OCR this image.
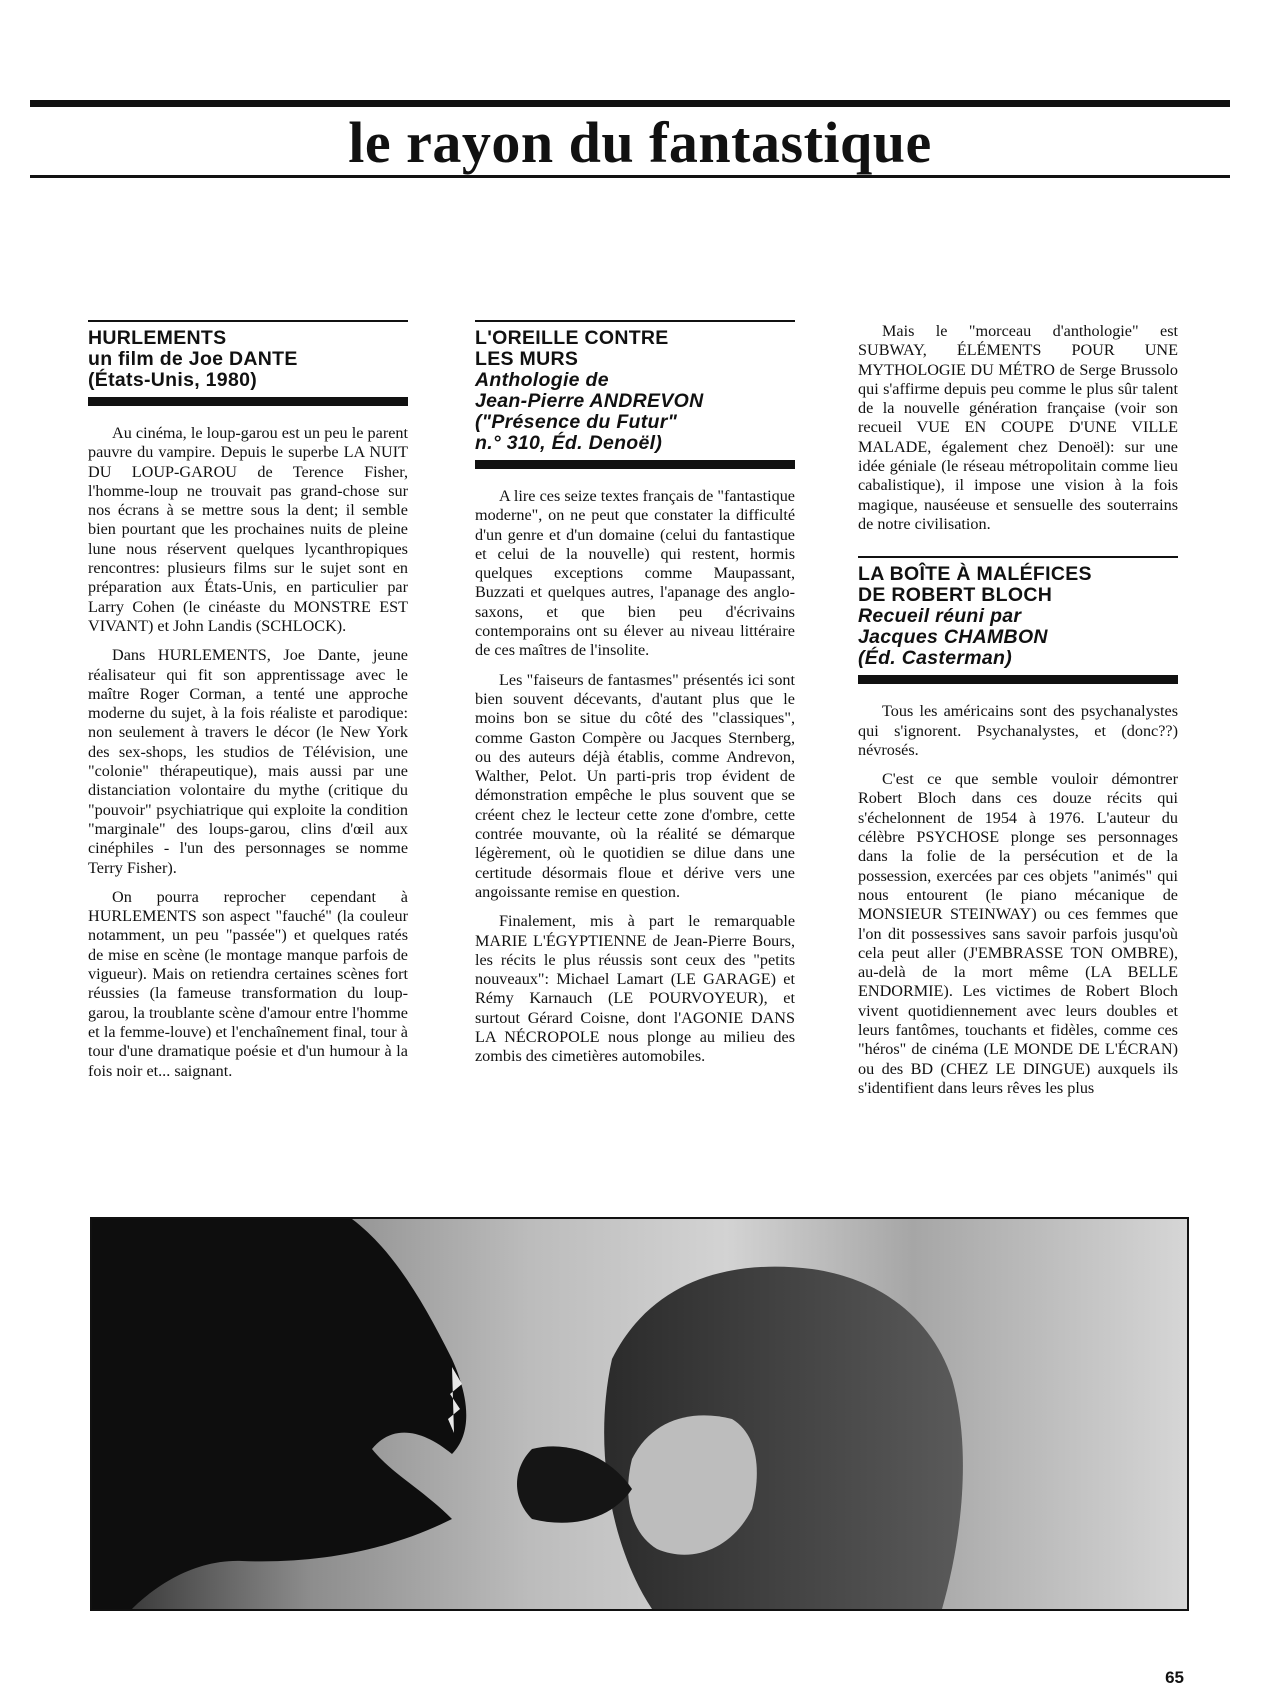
le rayon du fantastique
HURLEMENTS
un film de Joe DANTE
(États-Unis, 1980)

Au cinéma, le loup-garou est un peu le parent pauvre du vampire. Depuis le superbe LA NUIT DU LOUP-GAROU de Terence Fisher, l'homme-loup ne trouvait pas grand-chose sur nos écrans à se mettre sous la dent; il semble bien pourtant que les prochaines nuits de pleine lune nous réservent quelques lycanthropiques rencontres: plusieurs films sur le sujet sont en préparation aux États-Unis, en particulier par Larry Cohen (le cinéaste du MONSTRE EST VIVANT) et John Landis (SCHLOCK).

Dans HURLEMENTS, Joe Dante, jeune réalisateur qui fit son apprentissage avec le maître Roger Corman, a tenté une approche moderne du sujet, à la fois réaliste et parodique: non seulement à travers le décor (le New York des sex-shops, les studios de Télévision, une "colonie" thérapeutique), mais aussi par une distanciation volontaire du mythe (critique du "pouvoir" psychiatrique qui exploite la condition "marginale" des loups-garou, clins d'œil aux cinéphiles - l'un des personnages se nomme Terry Fisher).

On pourra reprocher cependant à HURLEMENTS son aspect "fauché" (la couleur notamment, un peu "passée") et quelques ratés de mise en scène (le montage manque parfois de vigueur). Mais on retiendra certaines scènes fort réussies (la fameuse transformation du loup-garou, la troublante scène d'amour entre l'homme et la femme-louve) et l'enchaînement final, tour à tour d'une dramatique poésie et d'un humour à la fois noir et... saignant.

L'OREILLE CONTRE
LES MURS
Anthologie de
Jean-Pierre ANDREVON
("Présence du Futur"
n.° 310, Éd. Denoël)

A lire ces seize textes français de "fantastique moderne", on ne peut que constater la difficulté d'un genre et d'un domaine (celui du fantastique et celui de la nouvelle) qui restent, hormis quelques exceptions comme Maupassant, Buzzati et quelques autres, l'apanage des anglo-saxons, et que bien peu d'écrivains contemporains ont su élever au niveau littéraire de ces maîtres de l'insolite.

Les "faiseurs de fantasmes" présentés ici sont bien souvent décevants, d'autant plus que le moins bon se situe du côté des "classiques", comme Gaston Compère ou Jacques Sternberg, ou des auteurs déjà établis, comme Andrevon, Walther, Pelot. Un parti-pris trop évident de démonstration empêche le plus souvent que se créent chez le lecteur cette zone d'ombre, cette contrée mouvante, où la réalité se démarque légèrement, où le quotidien se dilue dans une certitude désormais floue et dérive vers une angoissante remise en question.

Finalement, mis à part le remarquable MARIE L'ÉGYPTIENNE de Jean-Pierre Bours, les récits le plus réussis sont ceux des "petits nouveaux": Michael Lamart (LE GARAGE) et Rémy Karnauch (LE POURVOYEUR), et surtout Gérard Coisne, dont l'AGONIE DANS LA NÉCROPOLE nous plonge au milieu des zombis des cimetières automobiles.

Mais le "morceau d'anthologie" est SUBWAY, ÉLÉMENTS POUR UNE MYTHOLOGIE DU MÉTRO de Serge Brussolo qui s'affirme depuis peu comme le plus sûr talent de la nouvelle génération française (voir son recueil VUE EN COUPE D'UNE VILLE MALADE, également chez Denoël): sur une idée géniale (le réseau métropolitain comme lieu cabalistique), il impose une vision à la fois magique, nauséeuse et sensuelle des souterrains de notre civilisation.

LA BOÎTE À MALÉFICES
DE ROBERT BLOCH
Recueil réuni par
Jacques CHAMBON
(Éd. Casterman)

Tous les américains sont des psychanalystes qui s'ignorent. Psychanalystes, et (donc??) névrosés.

C'est ce que semble vouloir démontrer Robert Bloch dans ces douze récits qui s'échelonnent de 1954 à 1976. L'auteur du célèbre PSYCHOSE plonge ses personnages dans la folie de la persécution et de la possession, exercées par ces objets "animés" qui nous entourent (le piano mécanique de MONSIEUR STEINWAY) ou ces femmes que l'on dit possessives sans savoir parfois jusqu'où cela peut aller (J'EMBRASSE TON OMBRE), au-delà de la mort même (LA BELLE ENDORMIE). Les victimes de Robert Bloch vivent quotidiennement avec leurs doubles et leurs fantômes, touchants et fidèles, comme ces "héros" de cinéma (LE MONDE DE L'ÉCRAN) ou des BD (CHEZ LE DINGUE) auxquels ils s'identifient dans leurs rêves les plus

65
